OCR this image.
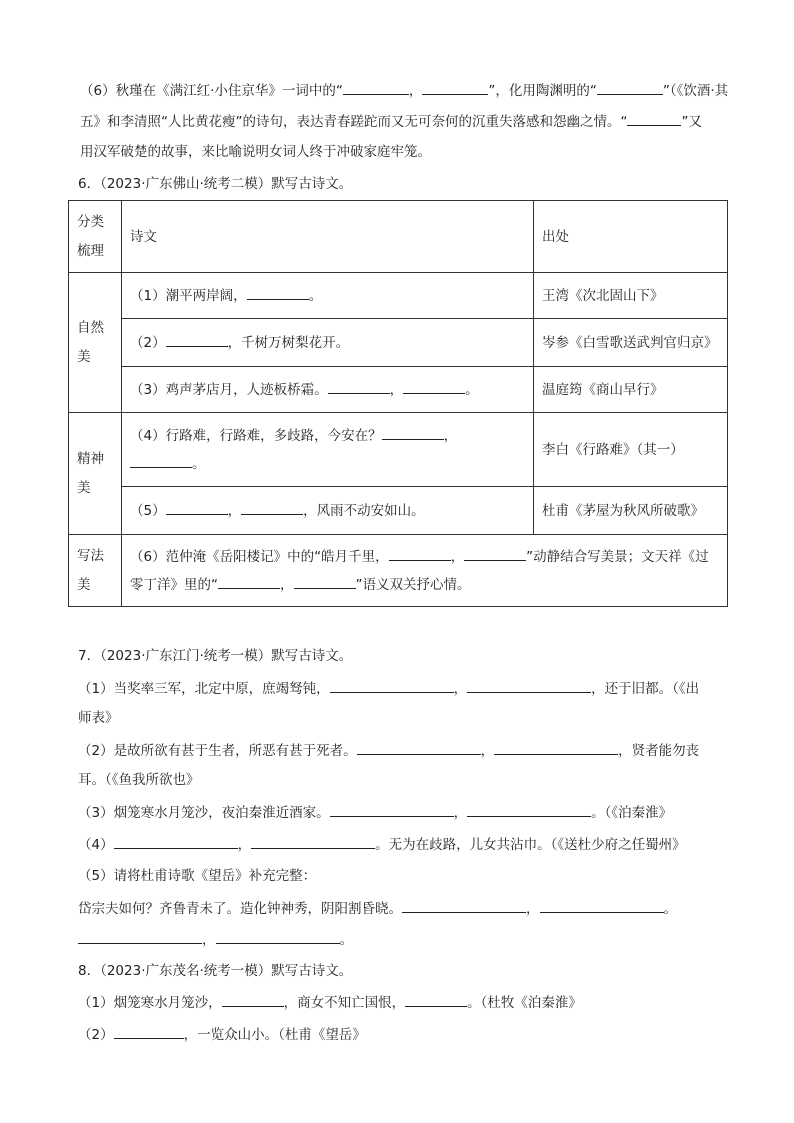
（6）秋瑾在《满江红·小住京华》一词中的“	，	”，化用陶渊明的“	”（《饮酒·其
五》和李清照“人比黄花瘦”的诗句，表达青春蹉跎而又无可奈何的沉重失落感和怨幽之情。“	”又
用汉军破楚的故事，来比喻说明女词人终于冲破家庭牢笼。
6．（2023·广东佛山·统考二模）默写古诗文。
分类梳理	诗文	出处
自然美	（1）潮平两岸阔， 。	王湾《次北固山下》
	（2） ，千树万树梨花开。	岑参《白雪歌送武判官归京》
	（3）鸡声茅店月，人迹板桥霜。 ， 。	温庭筠《商山早行》
精神美	（4）行路难，行路难，多歧路，今安在？ ，
。	李白《行路难》（其一）
	（5） ， ，风雨不动安如山。	杜甫《茅屋为秋风所破歌》
写法美	（6）范仲淹《岳阳楼记》中的“皓月千里， ， ”动静结合写美景；文天祥《过
零丁洋》里的“ ， ”语义双关抒心情。	
7．（2023·广东江门·统考一模）默写古诗文。
（1）当奖率三军，北定中原，庶竭驽钝，	，	，还于旧都。（《出
师表》
（2）是故所欲有甚于生者，所恶有甚于死者。	，	，贤者能勿丧
耳。（《鱼我所欲也》
（3）烟笼寒水月笼沙，夜泊秦淮近酒家。	，	。（《泊秦淮》
（4）	，	。无为在歧路，儿女共沾巾。（《送杜少府之任蜀州》
（5）请将杜甫诗歌《望岳》补充完整：
岱宗夫如何？齐鲁青未了。造化钟神秀，阴阳割昏晓。	，	。
，	。
8．（2023·广东茂名·统考一模）默写古诗文。
（1）烟笼寒水月笼沙，	，商女不知亡国恨，	。（杜牧《泊秦淮》
（2）	，一览众山小。（杜甫《望岳》
